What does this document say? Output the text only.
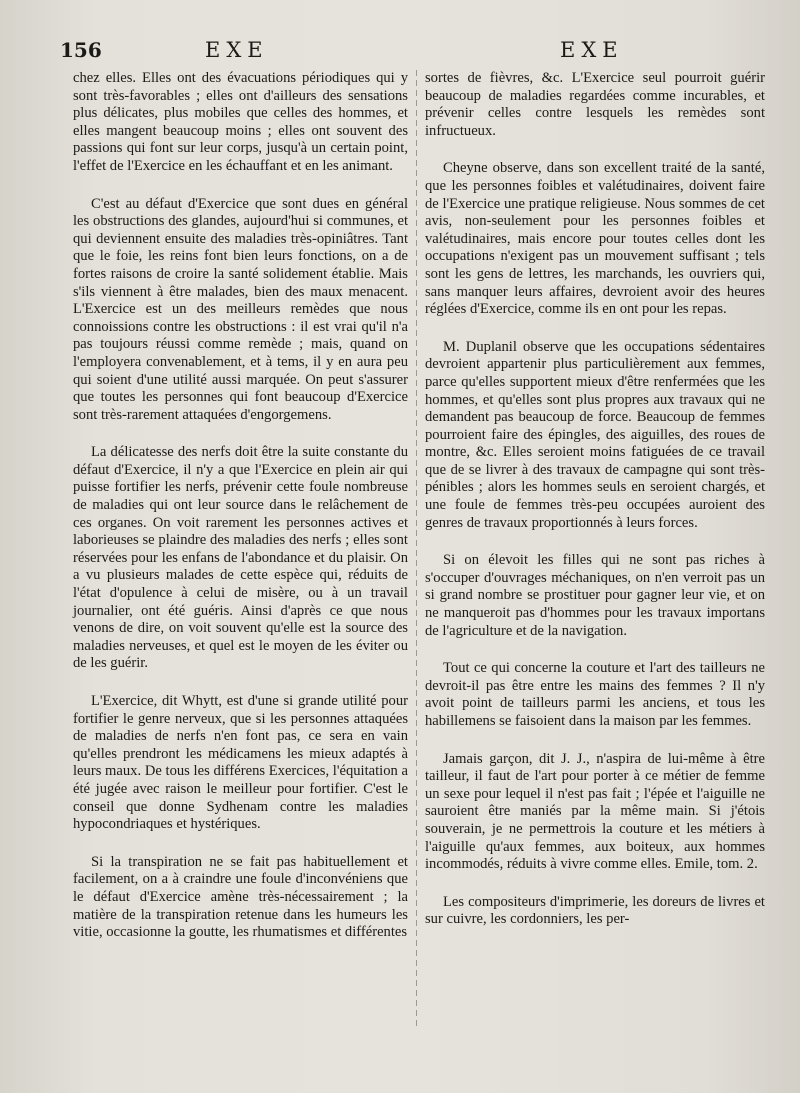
156	EXE	EXE

chez elles. Elles ont des évacuations périodiques qui y sont très-favorables ; elles ont d'ailleurs des sensations plus délicates, plus mobiles que celles des hommes, et elles mangent beaucoup moins ; elles ont souvent des passions qui font sur leur corps, jusqu'à un certain point, l'effet de l'Exercice en les échauffant et en les animant.

C'est au défaut d'Exercice que sont dues en général les obstructions des glandes, aujourd'hui si communes, et qui deviennent ensuite des maladies très-opiniâtres. Tant que le foie, les reins font bien leurs fonctions, on a de fortes raisons de croire la santé solidement établie. Mais s'ils viennent à être malades, bien des maux menacent. L'Exercice est un des meilleurs remèdes que nous connoissions contre les obstructions : il est vrai qu'il n'a pas toujours réussi comme remède ; mais, quand on l'employera convenablement, et à tems, il y en aura peu qui soient d'une utilité aussi marquée. On peut s'assurer que toutes les personnes qui font beaucoup d'Exercice sont très-rarement attaquées d'engorgemens.

La délicatesse des nerfs doit être la suite constante du défaut d'Exercice, il n'y a que l'Exercice en plein air qui puisse fortifier les nerfs, prévenir cette foule nombreuse de maladies qui ont leur source dans le relâchement de ces organes. On voit rarement les personnes actives et laborieuses se plaindre des maladies des nerfs ; elles sont réservées pour les enfans de l'abondance et du plaisir. On a vu plusieurs malades de cette espèce qui, réduits de l'état d'opulence à celui de misère, ou à un travail journalier, ont été guéris. Ainsi d'après ce que nous venons de dire, on voit souvent qu'elle est la source des maladies nerveuses, et quel est le moyen de les éviter ou de les guérir.

L'Exercice, dit Whytt, est d'une si grande utilité pour fortifier le genre nerveux, que si les personnes attaquées de maladies de nerfs n'en font pas, ce sera en vain qu'elles prendront les médicamens les mieux adaptés à leurs maux. De tous les différens Exercices, l'équitation a été jugée avec raison le meilleur pour fortifier. C'est le conseil que donne Sydhenam contre les maladies hypocondriaques et hystériques.

Si la transpiration ne se fait pas habituellement et facilement, on a à craindre une foule d'inconvéniens que le défaut d'Exercice amène très-nécessairement ; la matière de la transpiration retenue dans les humeurs les vitie, occasionne la goutte, les rhumatismes et différentes

sortes de fièvres, &c. L'Exercice seul pourroit guérir beaucoup de maladies regardées comme incurables, et prévenir celles contre lesquels les remèdes sont infructueux.

Cheyne observe, dans son excellent traité de la santé, que les personnes foibles et valétudinaires, doivent faire de l'Exercice une pratique religieuse. Nous sommes de cet avis, non-seulement pour les personnes foibles et valétudinaires, mais encore pour toutes celles dont les occupations n'exigent pas un mouvement suffisant ; tels sont les gens de lettres, les marchands, les ouvriers qui, sans manquer leurs affaires, devroient avoir des heures réglées d'Exercice, comme ils en ont pour les repas.

M. Duplanil observe que les occupations sédentaires devroient appartenir plus particulièrement aux femmes, parce qu'elles supportent mieux d'être renfermées que les hommes, et qu'elles sont plus propres aux travaux qui ne demandent pas beaucoup de force. Beaucoup de femmes pourroient faire des épingles, des aiguilles, des roues de montre, &c. Elles seroient moins fatiguées de ce travail que de se livrer à des travaux de campagne qui sont très-pénibles ; alors les hommes seuls en seroient chargés, et une foule de femmes très-peu occupées auroient des genres de travaux proportionnés à leurs forces.

Si on élevoit les filles qui ne sont pas riches à s'occuper d'ouvrages méchaniques, on n'en verroit pas un si grand nombre se prostituer pour gagner leur vie, et on ne manqueroit pas d'hommes pour les travaux importans de l'agriculture et de la navigation.

Tout ce qui concerne la couture et l'art des tailleurs ne devroit-il pas être entre les mains des femmes ? Il n'y avoit point de tailleurs parmi les anciens, et tous les habillemens se faisoient dans la maison par les femmes.

Jamais garçon, dit J. J., n'aspira de lui-même à être tailleur, il faut de l'art pour porter à ce métier de femme un sexe pour lequel il n'est pas fait ; l'épée et l'aiguille ne sauroient être maniés par la même main. Si j'étois souverain, je ne permettrois la couture et les métiers à l'aiguille qu'aux femmes, aux boiteux, aux hommes incommodés, réduits à vivre comme elles. Emile, tom. 2.

Les compositeurs d'imprimerie, les doreurs de livres et sur cuivre, les cordonniers, les per-
